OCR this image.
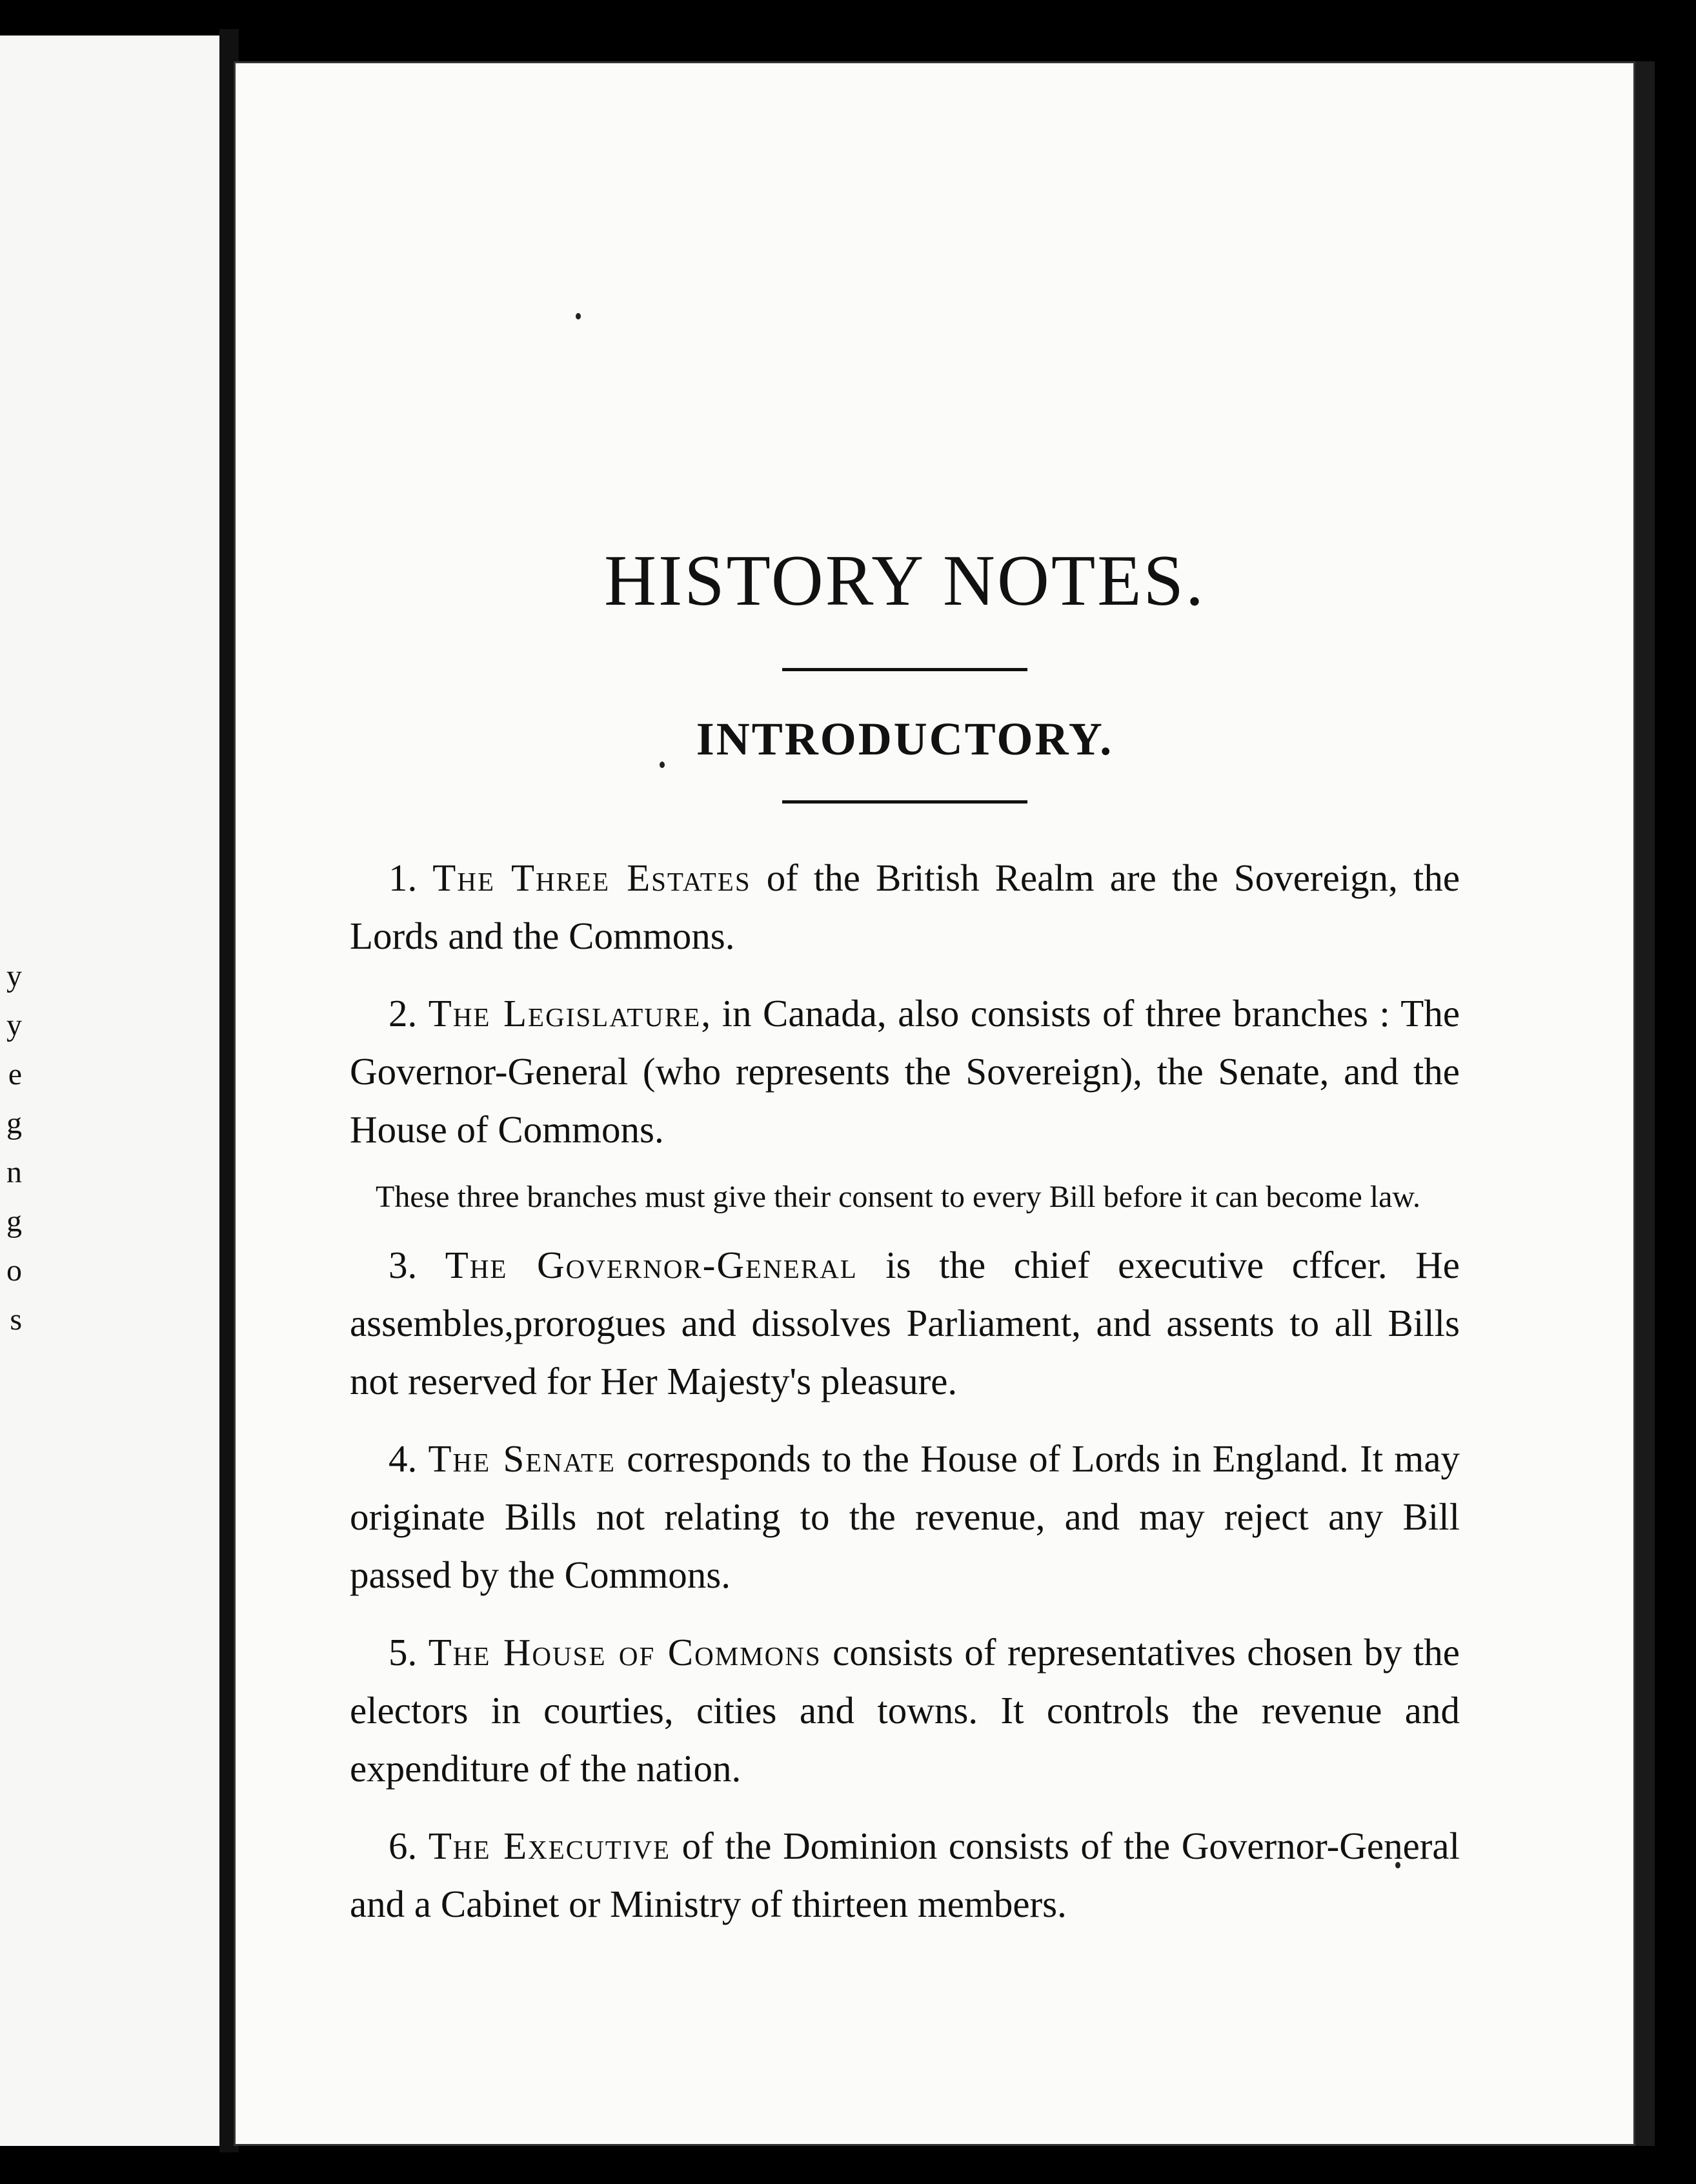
y
y
e
g
n
g
o
s
HISTORY NOTES.
INTRODUCTORY.

1. The Three Estates of the British Realm are the Sovereign, the Lords and the Commons.

2. The Legislature, in Canada, also consists of three branches : The Governor-General (who represents the Sovereign), the Senate, and the House of Commons.

These three branches must give their consent to every Bill before it can become law.

3. The Governor-General is the chief executive cffcer. He assembles,prorogues and dissolves Parliament, and assents to all Bills not reserved for Her Majesty's pleasure.

4. The Senate corresponds to the House of Lords in England. It may originate Bills not relating to the revenue, and may reject any Bill passed by the Commons.

5. The House of Commons consists of representatives chosen by the electors in courties, cities and towns. It controls the revenue and expenditure of the nation.

6. The Executive of the Dominion consists of the Governor-General and a Cabinet or Ministry of thirteen members.
